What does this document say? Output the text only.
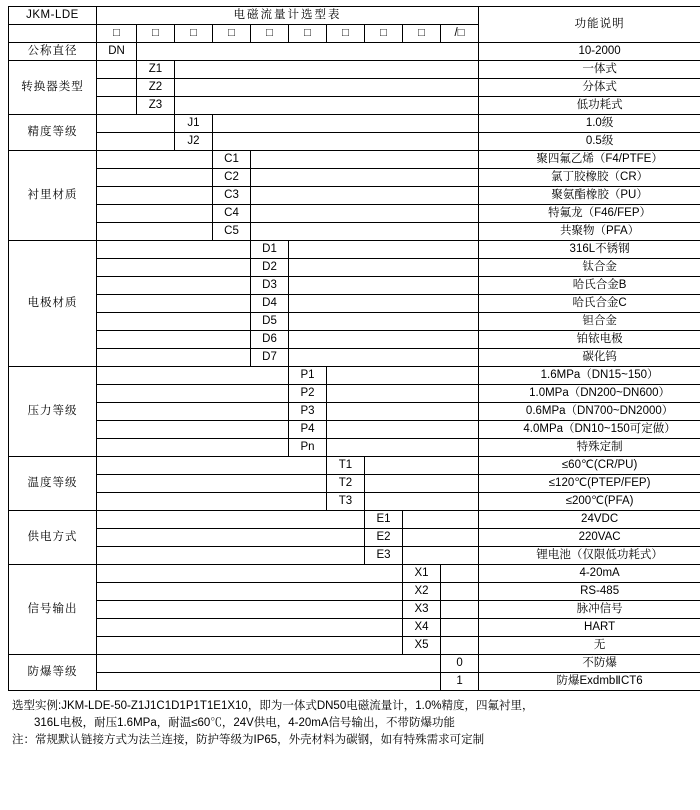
JKM-LDE	电磁流量计选型表										功能说明
	□	□	□	□	□	□	□	□	□	/□	
公称直径	DN										10-2000
转换器类型		Z1									一体式
		Z2									分体式
		Z3									低功耗式
精度等级			J1								1.0级
			J2								0.5级
衬里材质				C1							聚四氟乙烯（F4/PTFE）
				C2							氯丁胶橡胶（CR）
				C3							聚氨酯橡胶（PU）
				C4							特氟龙（F46/FEP）
				C5							共聚物（PFA）
电极材质					D1						316L不锈钢
					D2						钛合金
					D3						哈氏合金B
					D4						哈氏合金C
					D5						钽合金
					D6						铂铱电极
					D7						碳化钨
压力等级						P1					1.6MPa（DN15~150）
						P2					1.0MPa（DN200~DN600）
						P3					0.6MPa（DN700~DN2000）
						P4					4.0MPa（DN10~150可定做）
						Pn					特殊定制
温度等级							T1				≤60℃(CR/PU)
							T2				≤120℃(PTEP/FEP)
							T3				≤200℃(PFA)
供电方式								E1			24VDC
								E2			220VAC
								E3			锂电池（仅限低功耗式）
信号输出									X1		4-20mA
									X2		RS-485
									X3		脉冲信号
									X4		HART
									X5		无
防爆等级										0	不防爆
										1	防爆ExdmbⅡCT6
选型实例:JKM-LDE-50-Z1J1C1D1P1T1E1X10，即为一体式DN50电磁流量计，1.0%精度，四氟衬里，
316L电极，耐压1.6MPa，耐温≤60℃，24V供电，4-20mA信号输出，不带防爆功能
注：常规默认链接方式为法兰连接，防护等级为IP65，外壳材料为碳钢，如有特殊需求可定制
